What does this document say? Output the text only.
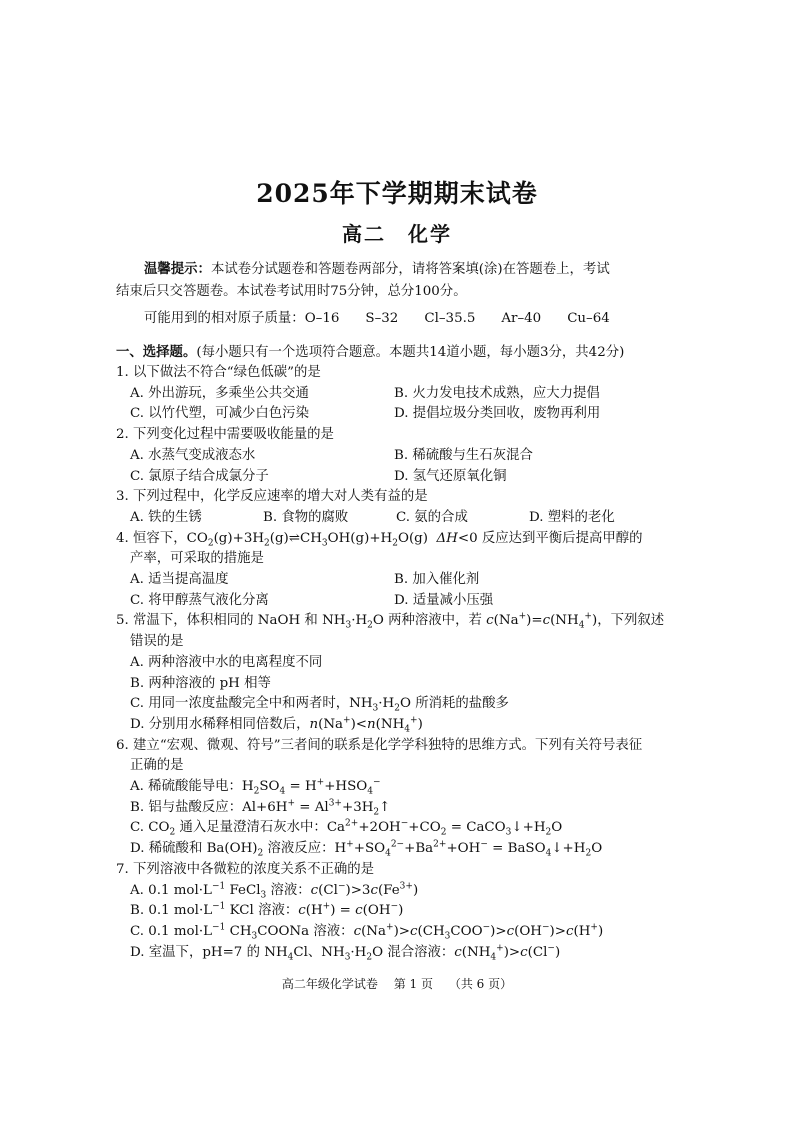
2025年下学期期末试卷
高二　化学

温馨提示：本试卷分试题卷和答题卷两部分，请将答案填(涂)在答题卷上，考试

结束后只交答题卷。本试卷考试用时75分钟，总分100分。

可能用到的相对原子质量：O–16 S–32 Cl–35.5 Ar–40 Cu–64
一、选择题。(每小题只有一个选项符合题意。本题共14道小题，每小题3分，共42分)
1. 以下做法不符合“绿色低碳”的是
A. 外出游玩，多乘坐公共交通	B. 火力发电技术成熟，应大力提倡
C. 以竹代塑，可减少白色污染	D. 提倡垃圾分类回收，废物再利用
2. 下列变化过程中需要吸收能量的是
A. 水蒸气变成液态水	B. 稀硫酸与生石灰混合
C. 氯原子结合成氯分子	D. 氢气还原氧化铜
3. 下列过程中，化学反应速率的增大对人类有益的是
A. 铁的生锈	B. 食物的腐败	C. 氨的合成	D. 塑料的老化
4. 恒容下，$CO_2(g)+3H_2(g)\rightleftharpoons CH_3OH(g)+H_2O(g)$  ΔH<0 反应达到平衡后提高甲醇的
产率，可采取的措施是
A. 适当提高温度	B. 加入催化剂
C. 将甲醇蒸气液化分离	D. 适量减小压强
5. 常温下，体积相同的 NaOH 和 $NH_3\cdot H_2O$ 两种溶液中，若 $c(Na^+)=c(NH_4^+)$，下列叙述
错误的是
A. 两种溶液中水的电离程度不同
B. 两种溶液的 pH 相等
C. 用同一浓度盐酸完全中和两者时，$NH_3\cdot H_2O$ 所消耗的盐酸多
D. 分别用水稀释相同倍数后，$n(Na^+)<n(NH_4^+)$
6. 建立“宏观、微观、符号”三者间的联系是化学学科独特的思维方式。下列有关符号表征
正确的是
A. 稀硫酸能导电：$H_2SO_4 = H^++HSO_4^-$
B. 铝与盐酸反应：$Al+6H^+ = Al^{3+}+3H_2↑$
C. $CO_2$ 通入足量澄清石灰水中：$Ca^{2+}+2OH^-+CO_2$ = $CaCO_3↓+H_2O$
D. 稀硫酸和 $Ba(OH)_2$ 溶液反应：$H^++SO_4^{2-}+Ba^{2+}+OH^-$ = $BaSO_4↓+H_2O$
7. 下列溶液中各微粒的浓度关系不正确的是
A. 0.1 $mol\cdot L^{-1}$ FeCl$_3$ 溶液：$c(Cl^-)>3c(Fe^{3+})$
B. 0.1 $mol\cdot L^{-1}$ KCl 溶液：c(H+) = c(OH−)
C. 0.1 $mol\cdot L^{-1}$ $CH_3COONa$ 溶液：$c(Na^+)>c(CH_3COO^-)>c(OH^-)>c(H^+)$
D. 室温下，pH=7 的 $NH_4Cl$、$NH_3\cdot H_2O$ 混合溶液：$c(NH_4^+)>c(Cl^-)$
高二年级化学试卷 第 1 页 （共 6 页）
